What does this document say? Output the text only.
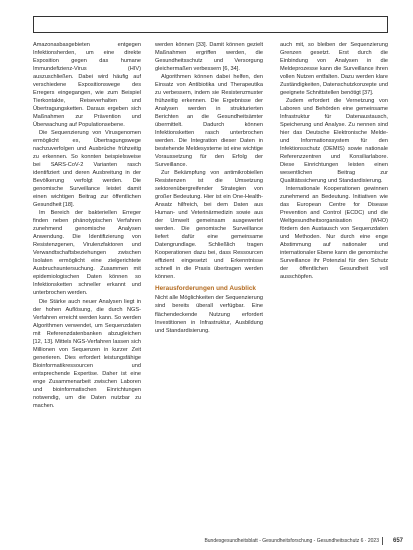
Amazonasbasgebieten entgegen Infektionsherden, um eine direkte Exposition gegen das humane Immundefizienz-Virus (HIV) auszuschließen. Dabei wird häufig auf verschiedene Expositionswege des Erregers eingegangen, wie zum Beispiel Tierkontakte, Reiseverhalten und Übertragungsketten. Daraus ergeben sich Maßnahmen zur Prävention und Überwachung auf Populationsebene.

Die Sequenzierung von Virusgenomen ermöglicht es, Übertragungswege nachzuverfolgen und Ausbrüche frühzeitig zu erkennen. So konnten beispielsweise bei SARS-CoV-2 Varianten rasch identifiziert und deren Ausbreitung in der Bevölkerung verfolgt werden. Die genomische Surveillance leistet damit einen wichtigen Beitrag zur öffentlichen Gesundheit [18].

Im Bereich der bakteriellen Erreger finden neben phänotypischen Verfahren zunehmend genomische Analysen Anwendung. Die Identifizierung von Resistenzgenen, Virulenzfaktoren und Verwandtschaftsbeziehungen zwischen Isolaten ermöglicht eine zielgerichtete Ausbruchsuntersuchung. Zusammen mit epidemiologischen Daten können so Infektionsketten schneller erkannt und unterbrochen werden.

Die Stärke auch neuer Analysen liegt in der hohen Auflösung, die durch NGS-Verfahren erreicht werden kann. So werden Algorithmen verwendet, um Sequenzdaten mit Referenzdatenbanken abzugleichen [12, 13]. Mittels NGS-Verfahren lassen sich Millionen von Sequenzen in kurzer Zeit generieren. Dies erfordert leistungsfähige Bioinformatikressourcen und entsprechende Expertise. Daher ist eine enge Zusammenarbeit zwischen Laboren und bioinformatischen Einrichtungen notwendig, um die Daten nutzbar zu machen.

werden können [33]. Damit können gezielt Maßnahmen ergriffen werden, die Gesundheitsschutz und Versorgung gleichermaßen verbessern [6, 34].

Algorithmen können dabei helfen, den Einsatz von Antibiotika und Therapeutika zu verbessern, indem sie Resistenzmuster frühzeitig erkennen. Die Ergebnisse der Analysen werden in strukturierten Berichten an die Gesundheitsämter übermittelt. Dadurch können Infektionsketten rasch unterbrochen werden. Die Integration dieser Daten in bestehende Meldesysteme ist eine wichtige Voraussetzung für den Erfolg der Surveillance.

Zur Bekämpfung von antimikrobiellen Resistenzen ist die Umsetzung sektorenübergreifender Strategien von großer Bedeutung. Hier ist ein One-Health-Ansatz hilfreich, bei dem Daten aus Human- und Veterinärmedizin sowie aus der Umwelt gemeinsam ausgewertet werden. Die genomische Surveillance liefert dafür eine gemeinsame Datengrundlage. Schließlich tragen Kooperationen dazu bei, dass Ressourcen effizient eingesetzt und Erkenntnisse schnell in die Praxis übertragen werden können.

Herausforderungen und Ausblick

Nicht alle Möglichkeiten der Sequenzierung sind bereits überall verfügbar. Eine flächendeckende Nutzung erfordert Investitionen in Infrastruktur, Ausbildung und Standardisierung.

auch mit, so bleiben der Sequenzierung Grenzen gesetzt. Erst durch die Einbindung von Analysen in die Meldeprozesse kann die Surveillance ihren vollen Nutzen entfalten. Dazu werden klare Zuständigkeiten, Datenschutzkonzepte und geeignete Schnittstellen benötigt [37].

Zudem erfordert die Vernetzung von Laboren und Behörden eine gemeinsame Infrastruktur für Datenaustausch, Speicherung und Analyse. Zu nennen sind hier das Deutsche Elektronische Melde- und Informationssystem für den Infektionsschutz (DEMIS) sowie nationale Referenzzentren und Konsiliarlabore. Diese Einrichtungen leisten einen wesentlichen Beitrag zur Qualitätssicherung und Standardisierung.

Internationale Kooperationen gewinnen zunehmend an Bedeutung. Initiativen wie das European Centre for Disease Prevention and Control (ECDC) und die Weltgesundheitsorganisation (WHO) fördern den Austausch von Sequenzdaten und Methoden. Nur durch eine enge Abstimmung auf nationaler und internationaler Ebene kann die genomische Surveillance ihr Potenzial für den Schutz der öffentlichen Gesundheit voll ausschöpfen.

Bundesgesundheitsblatt - Gesundheitsforschung - Gesundheitsschutz 6 · 2023 657
